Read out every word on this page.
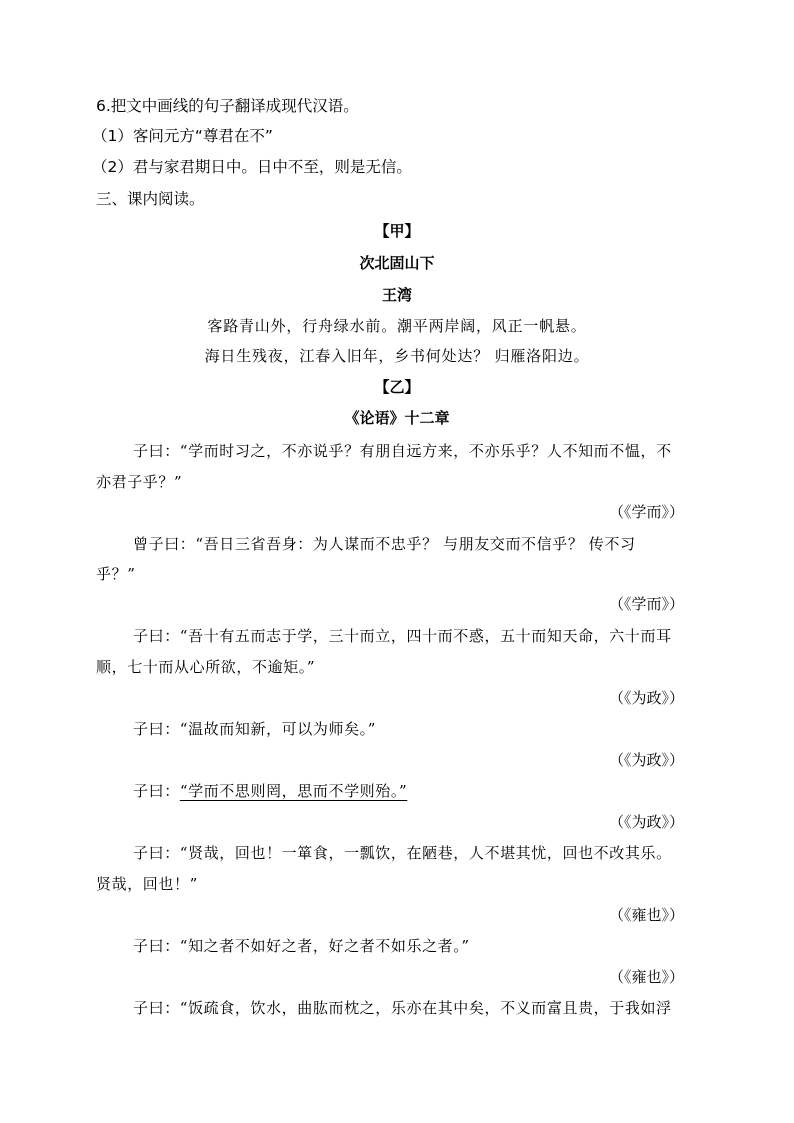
6.把文中画线的句子翻译成现代汉语。
（1）客问元方“尊君在不”
（2）君与家君期日中。日中不至，则是无信。
三、课内阅读。
【甲】
次北固山下
王湾
客路青山外，行舟绿水前。潮平两岸阔，风正一帆悬。
海日生残夜，江春入旧年，乡书何处达？ 归雁洛阳边。
【乙】
《论语》十二章
子曰：“学而时习之，不亦说乎？有朋自远方来，不亦乐乎？人不知而不愠，不
亦君子乎？”
（《学而》）
曾子曰：“吾日三省吾身：为人谋而不忠乎？ 与朋友交而不信乎？ 传不习
乎？”
（《学而》）
子曰：“吾十有五而志于学，三十而立，四十而不惑，五十而知天命，六十而耳
顺，七十而从心所欲，不逾矩。”
（《为政》）
子曰：“温故而知新，可以为师矣。”
（《为政》）
子曰：“学而不思则罔，思而不学则殆。”
（《为政》）
子曰：“贤哉，回也！一箪食，一瓢饮，在陋巷，人不堪其忧，回也不改其乐。
贤哉，回也！”
（《雍也》）
子曰：“知之者不如好之者，好之者不如乐之者。”
（《雍也》）
子曰：“饭疏食，饮水，曲肱而枕之，乐亦在其中矣，不义而富且贵，于我如浮
